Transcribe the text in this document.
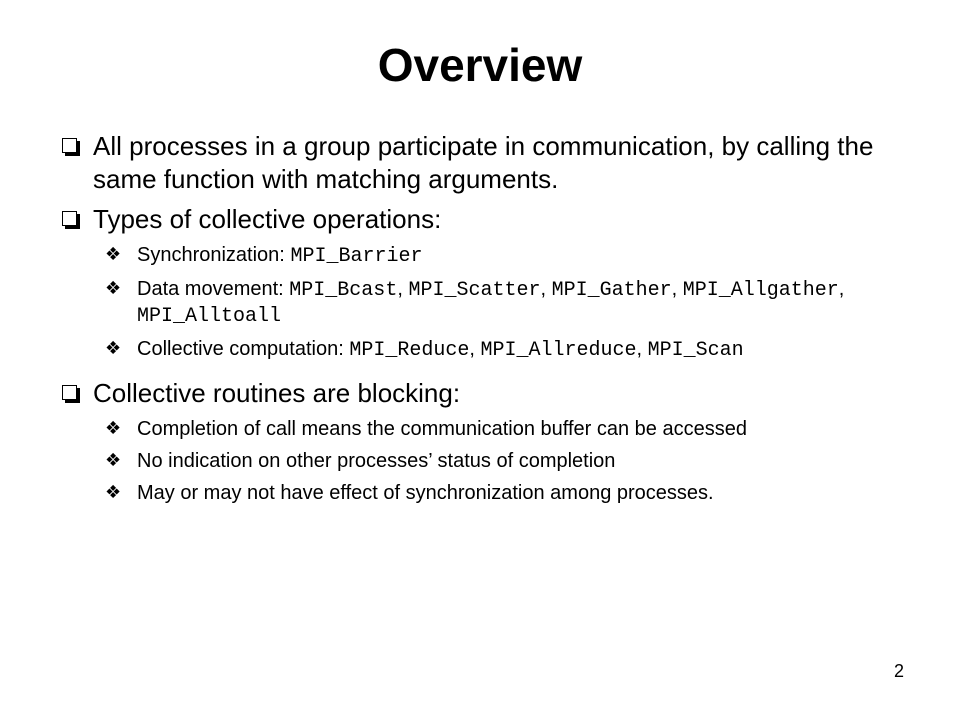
Overview
All processes in a group participate in communication, by calling the same function with matching arguments.
Types of collective operations:
❖ Synchronization: MPI_Barrier
❖ Data movement: MPI_Bcast, MPI_Scatter, MPI_Gather, MPI_Allgather, MPI_Alltoall
❖ Collective computation: MPI_Reduce, MPI_Allreduce, MPI_Scan
Collective routines are blocking:
❖ Completion of call means the communication buffer can be accessed
❖ No indication on other processes’ status of completion
❖ May or may not have effect of synchronization among processes.
2
